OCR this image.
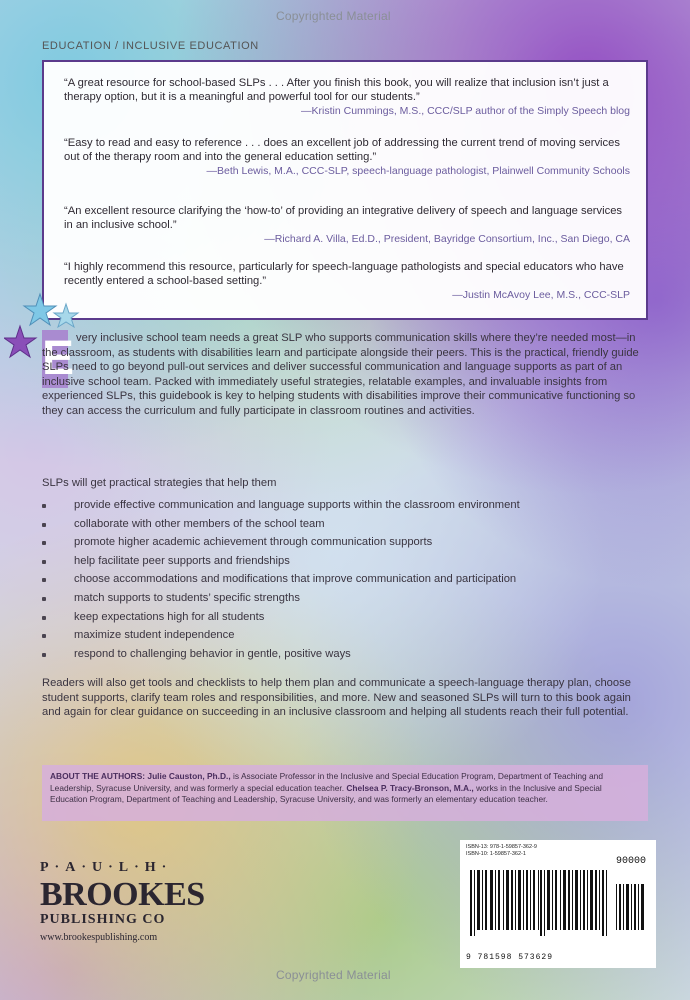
Copyrighted Material
EDUCATION / INCLUSIVE EDUCATION
“A great resource for school-based SLPs . . . After you finish this book, you will realize that inclusion isn’t just a therapy option, but it is a meaningful and powerful tool for our students.”
—Kristin Cummings, M.S., CCC/SLP author of the Simply Speech blog
“Easy to read and easy to reference . . . does an excellent job of addressing the current trend of moving services out of the therapy room and into the general education setting.”
—Beth Lewis, M.A., CCC-SLP, speech-language pathologist, Plainwell Community Schools
“An excellent resource clarifying the ‘how-to’ of providing an integrative delivery of speech and language services in an inclusive school.”
—Richard A. Villa, Ed.D., President, Bayridge Consortium, Inc., San Diego, CA
“I highly recommend this resource, particularly for speech-language pathologists and special educators who have recently entered a school-based setting.”
—Justin McAvoy Lee, M.S., CCC-SLP
E very inclusive school team needs a great SLP who supports communication skills where they’re needed most—in the classroom, as students with disabilities learn and participate alongside their peers. This is the practical, friendly guide SLPs need to go beyond pull-out services and deliver successful communication and language supports as part of an inclusive school team. Packed with immediately useful strategies, relatable examples, and invaluable insights from experienced SLPs, this guidebook is key to helping students with disabilities improve their communicative functioning so they can access the curriculum and fully participate in classroom routines and activities.
SLPs will get practical strategies that help them
provide effective communication and language supports within the classroom environment
collaborate with other members of the school team
promote higher academic achievement through communication supports
help facilitate peer supports and friendships
choose accommodations and modifications that improve communication and participation
match supports to students’ specific strengths
keep expectations high for all students
maximize student independence
respond to challenging behavior in gentle, positive ways
Readers will also get tools and checklists to help them plan and communicate a speech-language therapy plan, choose student supports, clarify team roles and responsibilities, and more. New and seasoned SLPs will turn to this book again and again for clear guidance on succeeding in an inclusive classroom and helping all students reach their full potential.
ABOUT THE AUTHORS: Julie Causton, Ph.D., is Associate Professor in the Inclusive and Special Education Program, Department of Teaching and Leadership, Syracuse University, and was formerly a special education teacher. Chelsea P. Tracy-Bronson, M.A., works in the Inclusive and Special Education Program, Department of Teaching and Leadership, Syracuse University, and was formerly an elementary education teacher.
P·A·U·L·H·
BROOKES
PUBLISHING CO
www.brookespublishing.com
ISBN-13: 978-1-59857-362-9
ISBN-10: 1-59857-362-1
90000
9 781598 573629
Copyrighted Material
